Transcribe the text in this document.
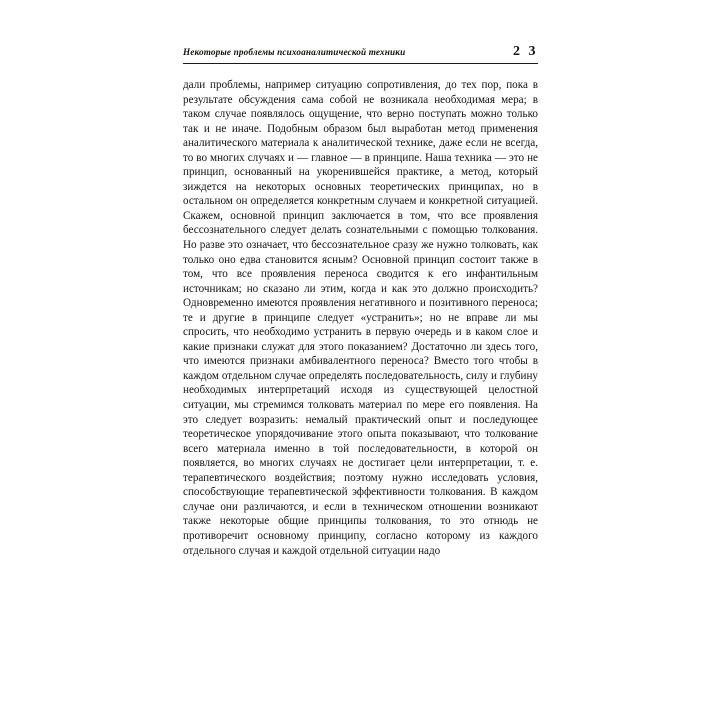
Некоторые проблемы психоаналитической техники	2 3

дали проблемы, например ситуацию сопротивления, до тех пор, пока в результате обсуждения сама собой не возникала необходимая мера; в таком случае появлялось ощущение, что верно поступать можно только так и не иначе. Подобным образом был выработан метод применения аналитического материала к аналитической технике, даже если не всегда, то во многих случаях и — главное — в принципе. Наша техника — это не принцип, основанный на укоренившейся практике, а метод, который зиждется на некоторых основных теоретических принципах, но в остальном он определяется конкретным случаем и конкретной ситуацией. Скажем, основной принцип заключается в том, что все проявления бессознательного следует делать сознательными с помощью толкования. Но разве это означает, что бессознательное сразу же нужно толковать, как только оно едва становится ясным? Основной принцип состоит также в том, что все проявления переноса сводится к его инфантильным источникам; но сказано ли этим, когда и как это должно происходить? Одновременно имеются проявления негативного и позитивного переноса; те и другие в принципе следует «устранить»; но не вправе ли мы спросить, что необходимо устранить в первую очередь и в каком слое и какие признаки служат для этого показанием? Достаточно ли здесь того, что имеются признаки амбивалентного переноса? Вместо того чтобы в каждом отдельном случае определять последовательность, силу и глубину необходимых интерпретаций исходя из существующей целостной ситуации, мы стремимся толковать материал по мере его появления. На это следует возразить: немалый практический опыт и последующее теоретическое упорядочивание этого опыта показывают, что толкование всего материала именно в той последовательности, в которой он появляется, во многих случаях не достигает цели интерпретации, т. е. терапевтического воздействия; поэтому нужно исследовать условия, способствующие терапевтической эффективности толкования. В каждом случае они различаются, и если в техническом отношении возникают также некоторые общие принципы толкования, то это отнюдь не противоречит основному принципу, согласно которому из каждого отдельного случая и каждой отдельной ситуации надо
